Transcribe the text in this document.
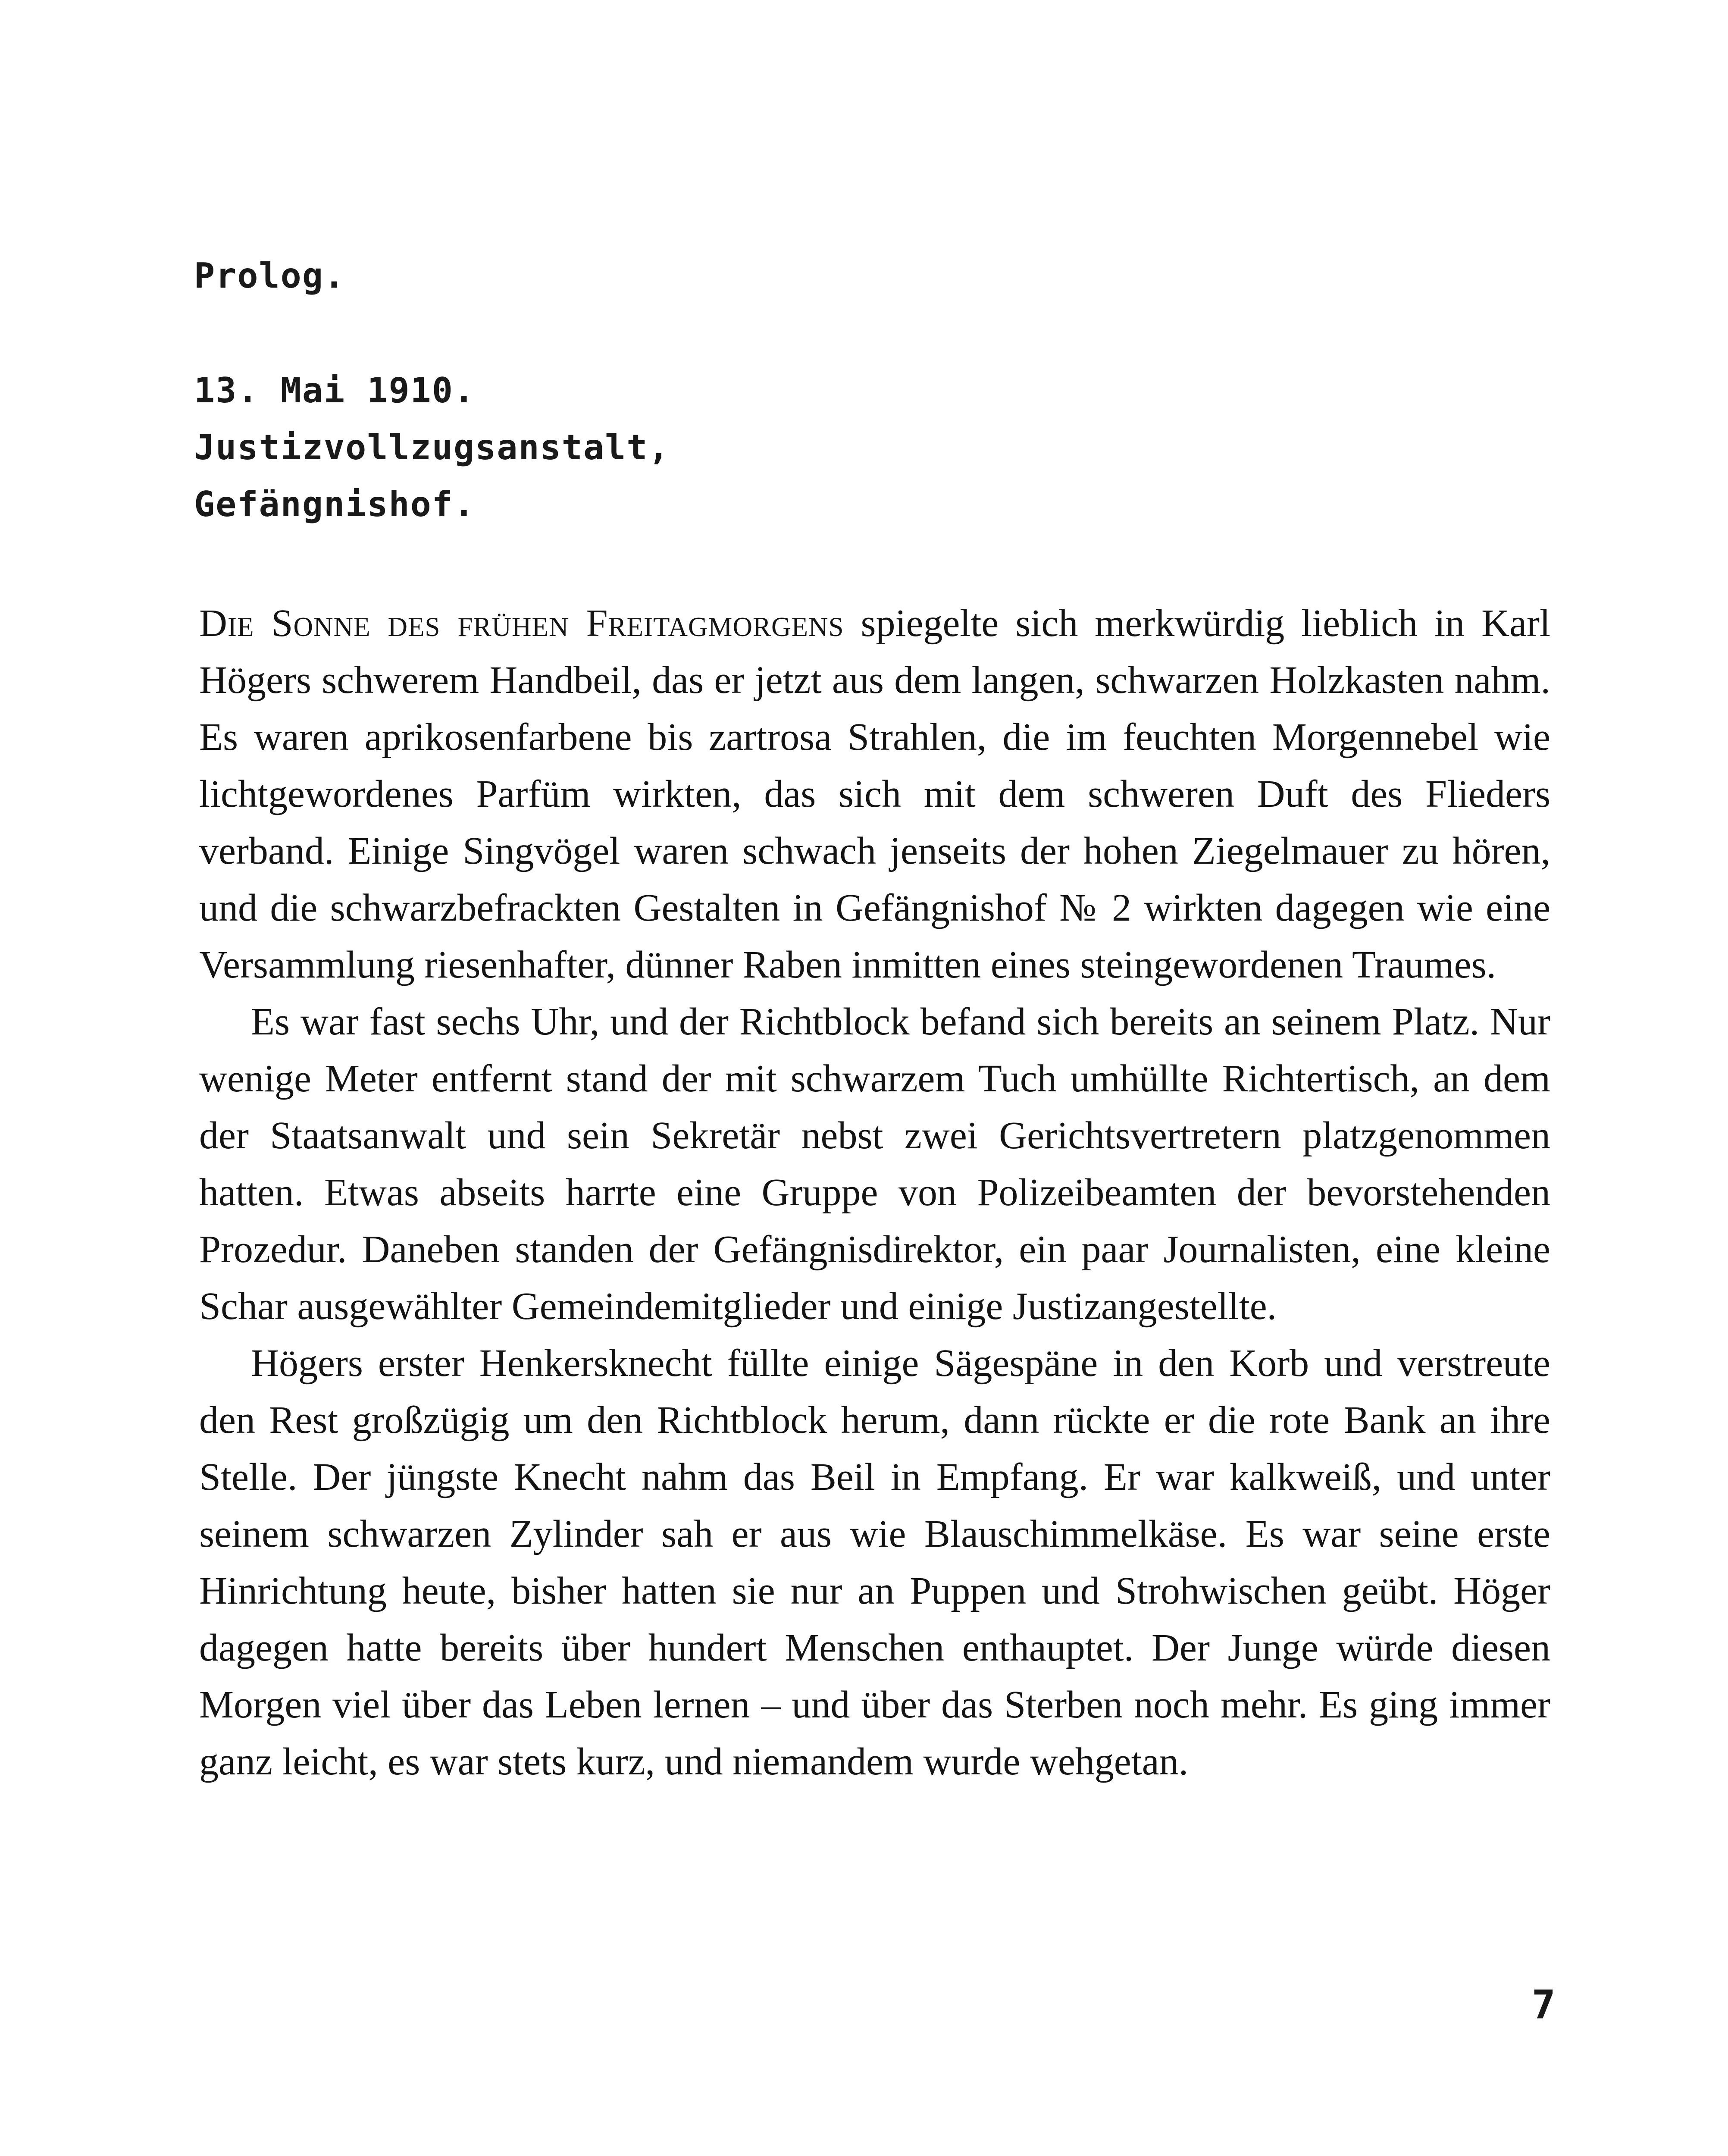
Prolog.
13. Mai 1910.
Justizvollzugsanstalt,
Gefängnishof.

Die Sonne des frühen Freitagmorgens spiegelte sich merkwürdig lieblich in Karl Högers schwerem Handbeil, das er jetzt aus dem langen, schwarzen Holzkasten nahm. Es waren aprikosenfarbene bis zartrosa Strahlen, die im feuchten Morgennebel wie lichtgewordenes Parfüm wirkten, das sich mit dem schweren Duft des Flieders verband. Einige Singvögel waren schwach jenseits der hohen Ziegelmauer zu hören, und die schwarzbefrackten Gestalten in Gefängnishof № 2 wirkten dagegen wie eine Versammlung riesenhafter, dünner Raben inmitten eines steingewordenen Traumes.

Es war fast sechs Uhr, und der Richtblock befand sich bereits an seinem Platz. Nur wenige Meter entfernt stand der mit schwarzem Tuch umhüllte Richtertisch, an dem der Staatsanwalt und sein Sekretär nebst zwei Gerichtsvertretern platzgenommen hatten. Etwas abseits harrte eine Gruppe von Polizeibeamten der bevorstehenden Prozedur. Daneben standen der Gefängnisdirektor, ein paar Journalisten, eine kleine Schar ausgewählter Gemeindemitglieder und einige Justizangestellte.

Högers erster Henkersknecht füllte einige Sägespäne in den Korb und verstreute den Rest großzügig um den Richtblock herum, dann rückte er die rote Bank an ihre Stelle. Der jüngste Knecht nahm das Beil in Empfang. Er war kalkweiß, und unter seinem schwarzen Zylinder sah er aus wie Blauschimmelkäse. Es war seine erste Hinrichtung heute, bisher hatten sie nur an Puppen und Strohwischen geübt. Höger dagegen hatte bereits über hundert Menschen enthauptet. Der Junge würde diesen Morgen viel über das Leben lernen – und über das Sterben noch mehr. Es ging immer ganz leicht, es war stets kurz, und niemandem wurde wehgetan.

7
